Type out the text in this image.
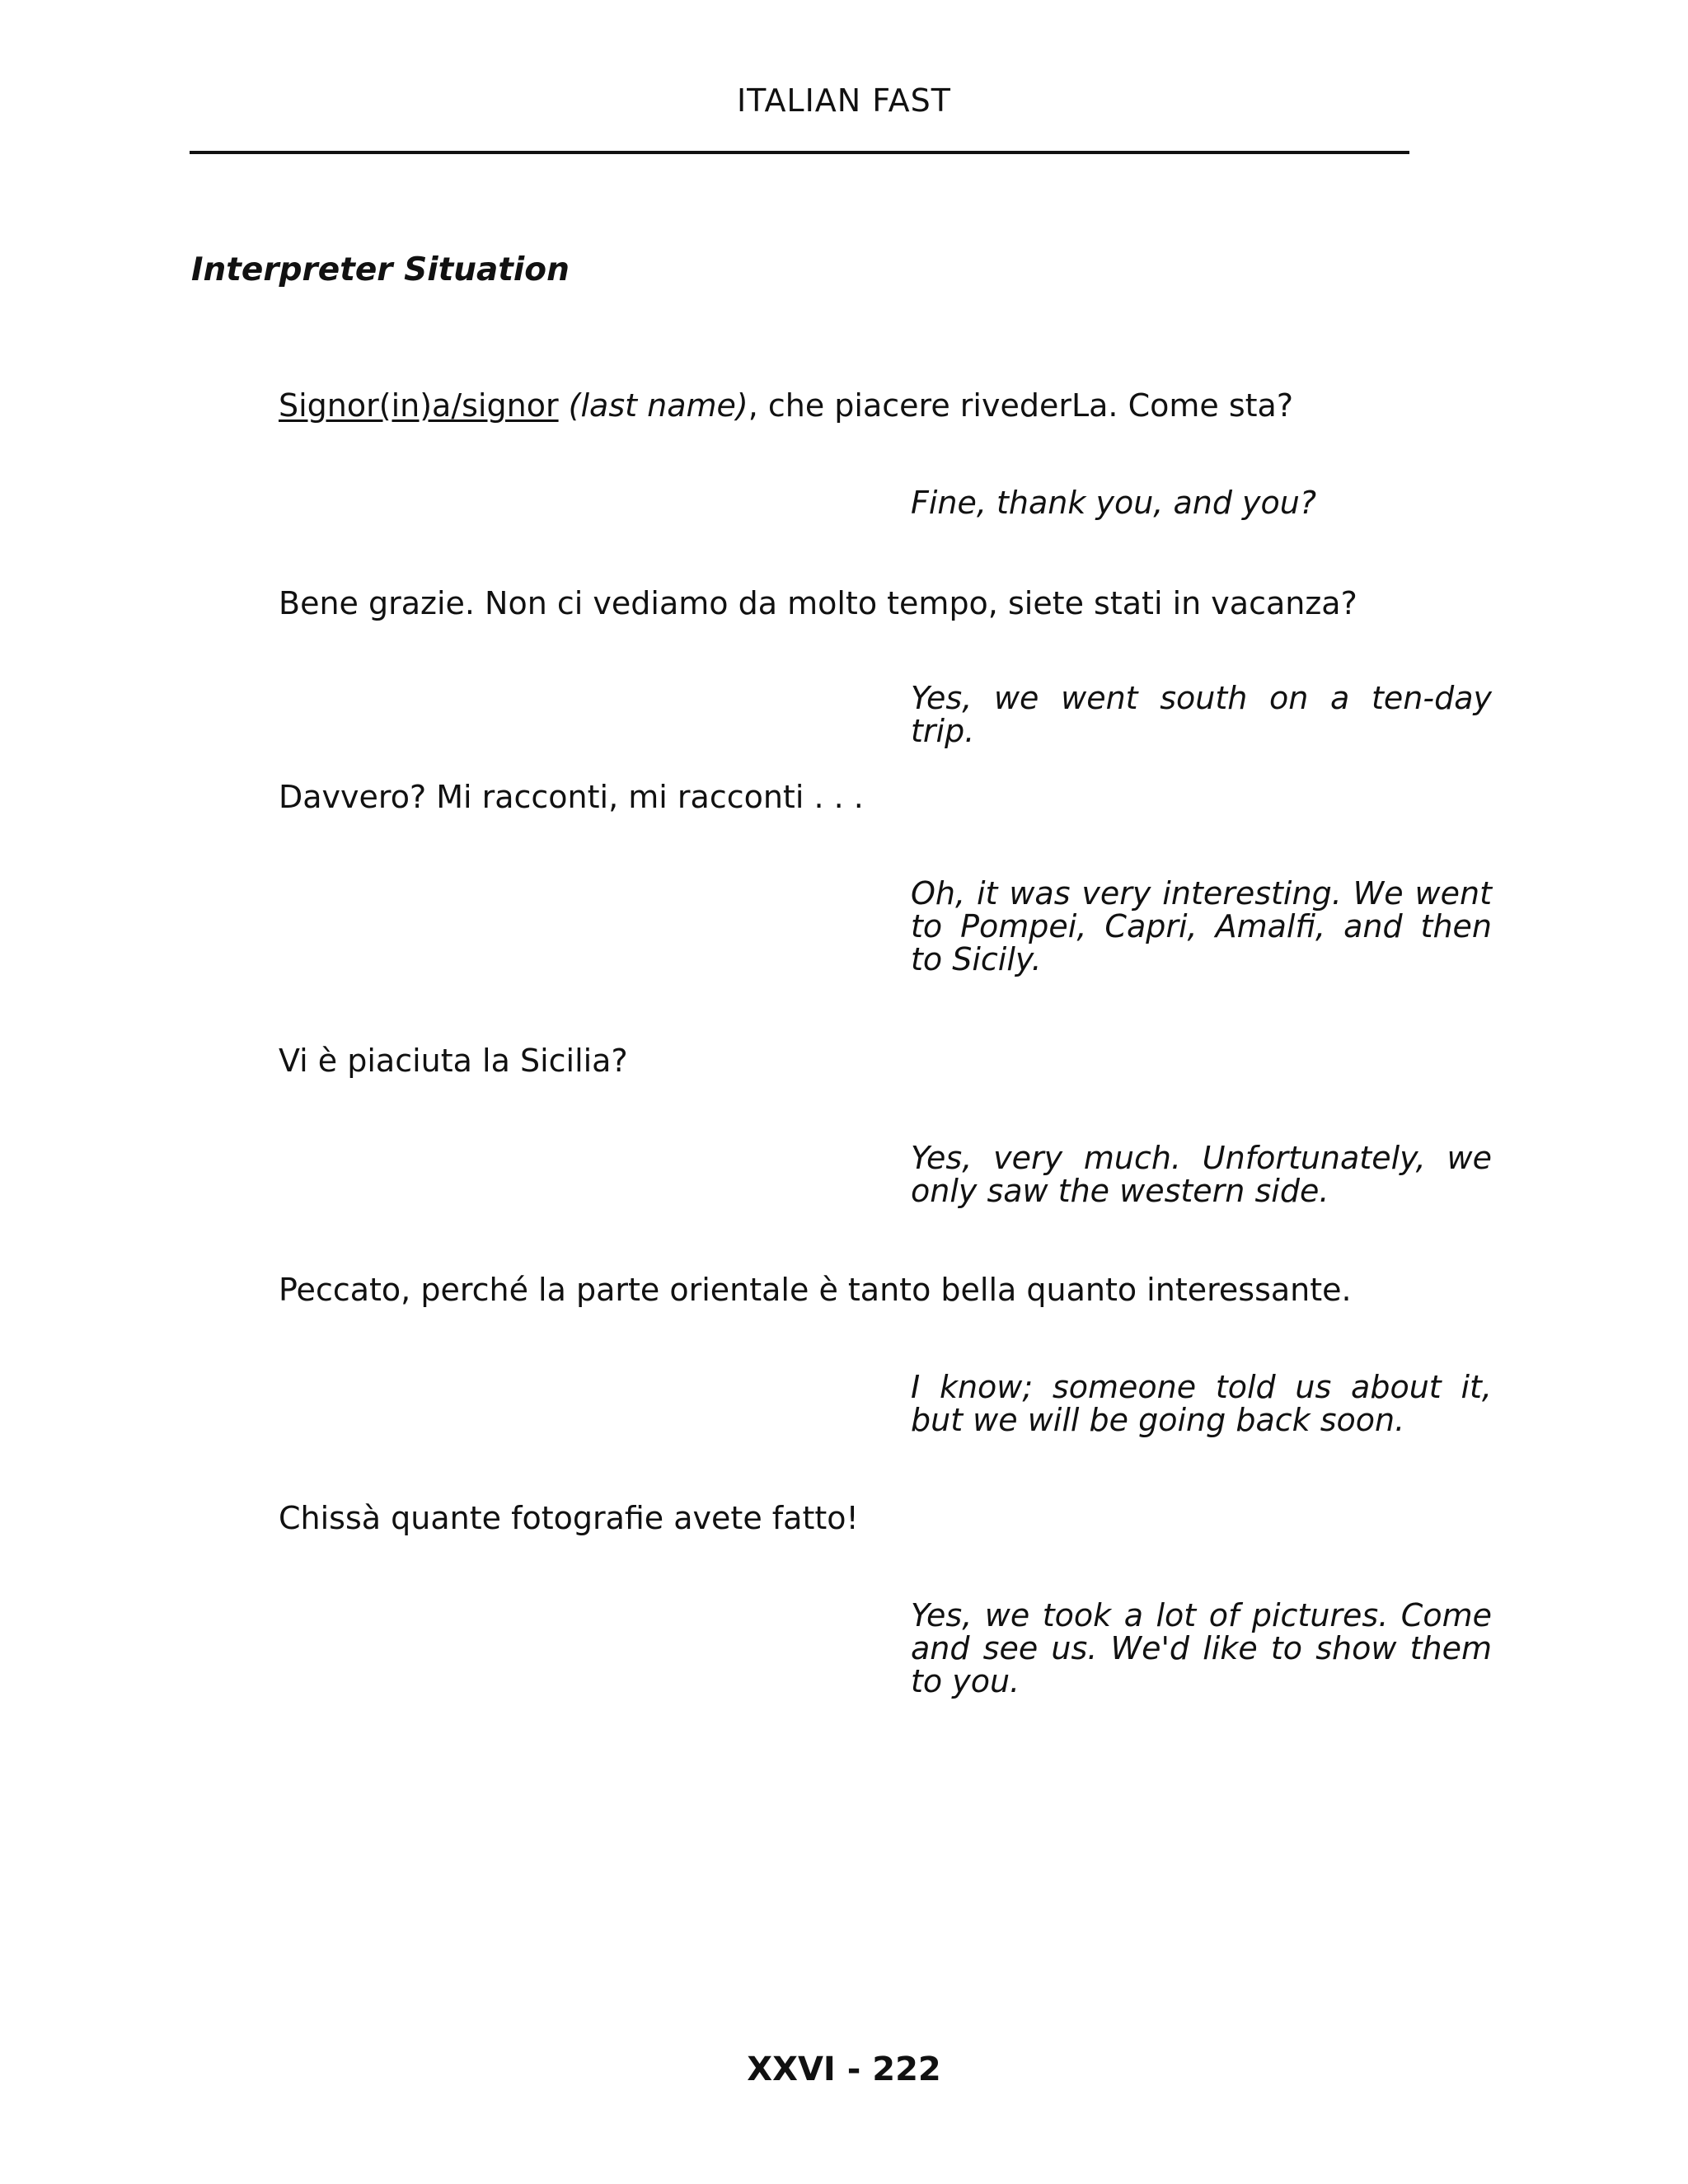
ITALIAN FAST
Interpreter Situation
Signor(in)a/signor (last name), che piacere rivederLa. Come sta?
Fine, thank you, and you?
Bene grazie. Non ci vediamo da molto tempo, siete stati in vacanza?
Yes, we went south on a ten-day trip.
Davvero? Mi racconti, mi racconti . . .
Oh, it was very interesting. We went to Pompei, Capri, Amalfi, and then to Sicily.
Vi è piaciuta la Sicilia?
Yes, very much. Unfortunately, we only saw the western side.
Peccato, perché la parte orientale è tanto bella quanto interessante.
I know; someone told us about it, but we will be going back soon.
Chissà quante fotografie avete fatto!
Yes, we took a lot of pictures. Come and see us. We'd like to show them to you.
XXVI - 222
